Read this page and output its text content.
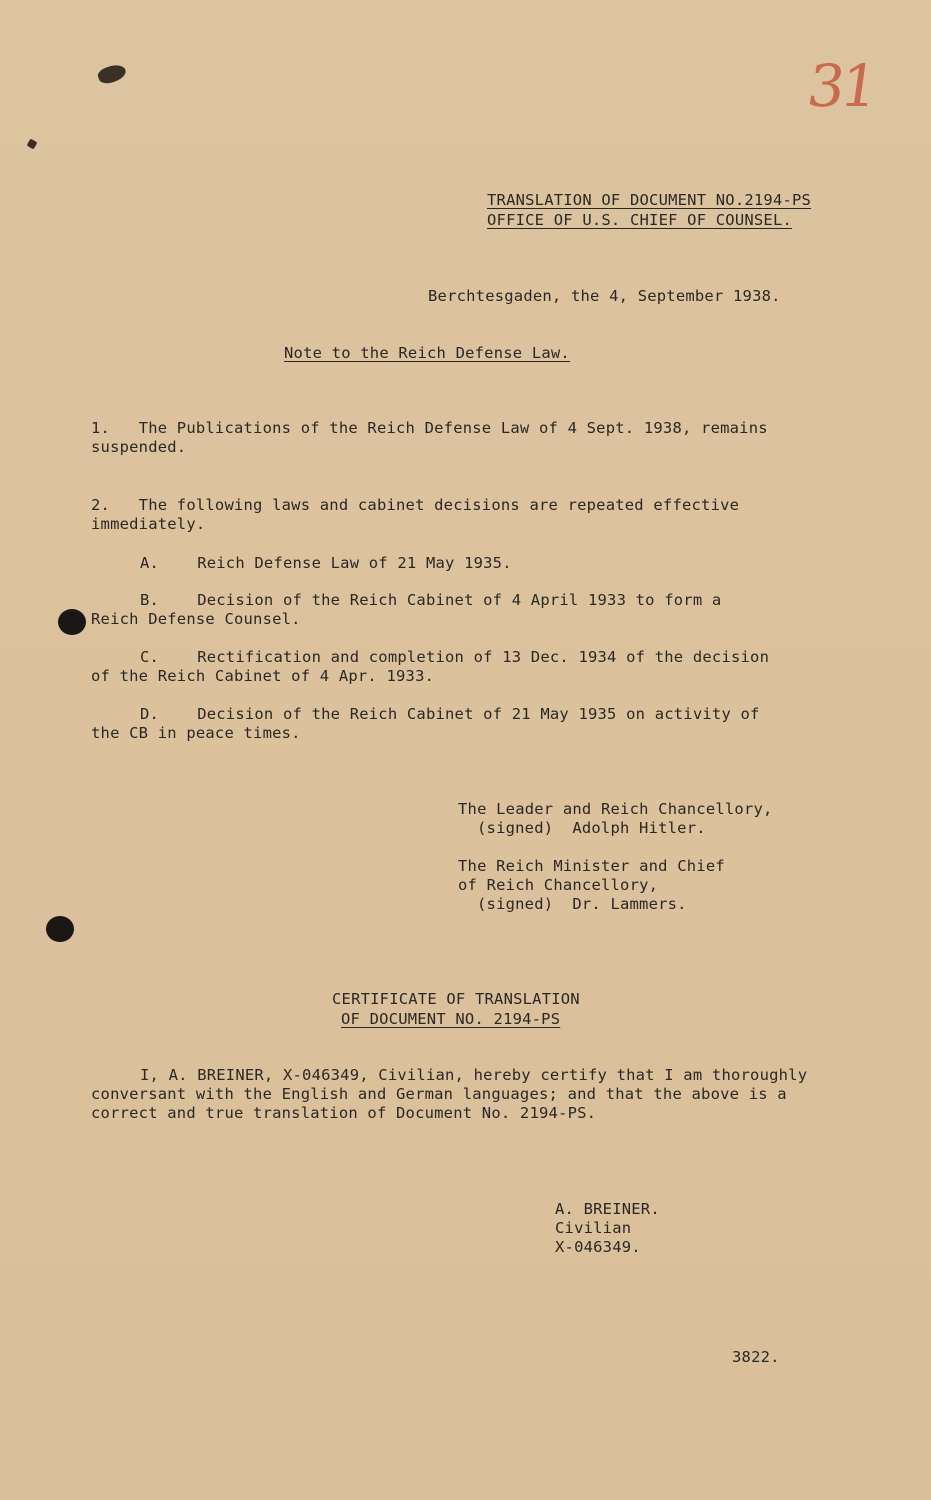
31
TRANSLATION OF DOCUMENT NO.2194-PS
OFFICE OF U.S. CHIEF OF COUNSEL.
Berchtesgaden, the 4, September 1938.
Note to the Reich Defense Law.
1.   The Publications of the Reich Defense Law of 4 Sept. 1938, remains
suspended.
2.   The following laws and cabinet decisions are repeated effective
immediately.
A.    Reich Defense Law of 21 May 1935.
B.    Decision of the Reich Cabinet of 4 April 1933 to form a
Reich Defense Counsel.
C.    Rectification and completion of 13 Dec. 1934 of the decision
of the Reich Cabinet of 4 Apr. 1933.
D.    Decision of the Reich Cabinet of 21 May 1935 on activity of
the CB in peace times.
The Leader and Reich Chancellory,
(signed)  Adolph Hitler.
The Reich Minister and Chief
of Reich Chancellory,
(signed)  Dr. Lammers.
CERTIFICATE OF TRANSLATION
OF DOCUMENT NO. 2194-PS
I, A. BREINER, X-046349, Civilian, hereby certify that I am thoroughly
conversant with the English and German languages; and that the above is a
correct and true translation of Document No. 2194-PS.
A. BREINER.
Civilian
X-046349.
3822.
